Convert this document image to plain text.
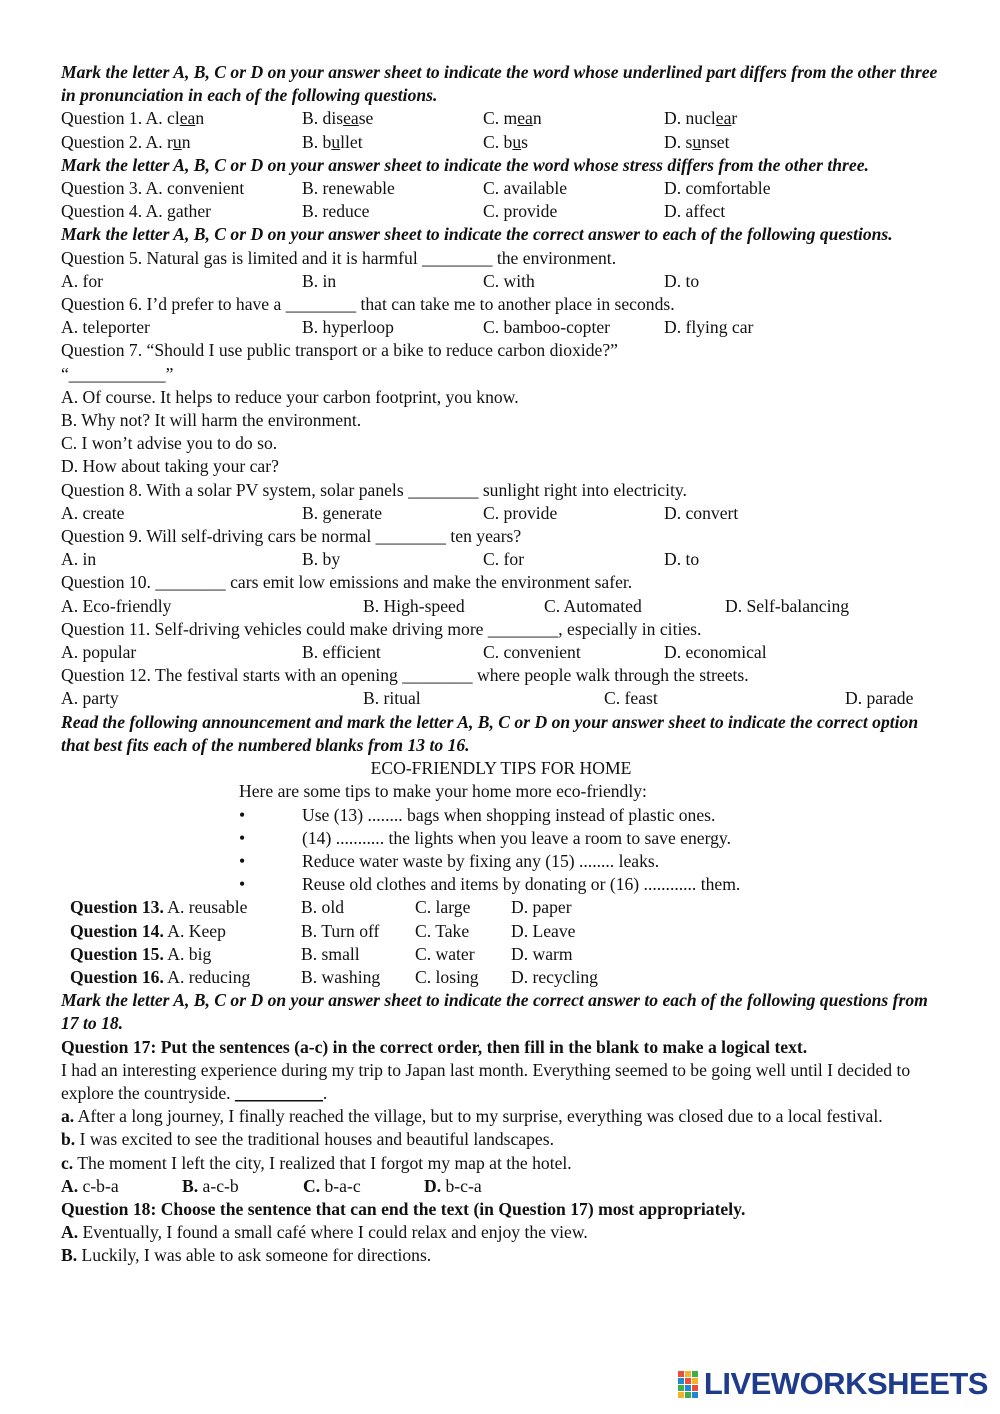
Mark the letter A, B, C or D on your answer sheet to indicate the word whose underlined part differs from the other three in pronunciation in each of the following questions.
Question 1. A. clean	B. disease	C. mean	D. nuclear
Question 2. A. run	B. bullet	C. bus	D. sunset
Mark the letter A, B, C or D on your answer sheet to indicate the word whose stress differs from the other three.
Question 3. A. convenient	B. renewable	C. available	D. comfortable
Question 4. A. gather	B. reduce	C. provide	D. affect
Mark the letter A, B, C or D on your answer sheet to indicate the correct answer to each of the following questions.
Question 5. Natural gas is limited and it is harmful ________ the environment.
A. for	B. in	C. with	D. to
Question 6. I’d prefer to have a ________ that can take me to another place in seconds.
A. teleporter	B. hyperloop	C. bamboo-copter	D. flying car
Question 7. “Should I use public transport or a bike to reduce carbon dioxide?”
“___________”
A. Of course. It helps to reduce your carbon footprint, you know.
B. Why not? It will harm the environment.
C. I won’t advise you to do so.
D. How about taking your car?
Question 8. With a solar PV system, solar panels ________ sunlight right into electricity.
A. create	B. generate	C. provide	D. convert
Question 9. Will self-driving cars be normal ________ ten years?
A. in	B. by	C. for	D. to
Question 10. ________ cars emit low emissions and make the environment safer.
A. Eco-friendly	B. High-speed	C. Automated	D. Self-balancing
Question 11. Self-driving vehicles could make driving more ________, especially in cities.
A. popular	B. efficient	C. convenient	D. economical
Question 12. The festival starts with an opening ________ where people walk through the streets.
A. party	B. ritual	C. feast	D. parade
Read the following announcement and mark the letter A, B, C or D on your answer sheet to indicate the correct option that best fits each of the numbered blanks from 13 to 16.
ECO-FRIENDLY TIPS FOR HOME
Here are some tips to make your home more eco-friendly:
•	Use (13) ........ bags when shopping instead of plastic ones.
•	(14) ........... the lights when you leave a room to save energy.
•	Reduce water waste by fixing any (15) ........ leaks.
•	Reuse old clothes and items by donating or (16) ............ them.
Question 13. A. reusable	B. old	C. large	D. paper
Question 14. A. Keep	B. Turn off	C. Take	D. Leave
Question 15. A. big	B. small	C. water	D. warm
Question 16. A. reducing	B. washing	C. losing	D. recycling
Mark the letter A, B, C or D on your answer sheet to indicate the correct answer to each of the following questions from 17 to 18.
Question 17: Put the sentences (a-c) in the correct order, then fill in the blank to make a logical text.
I had an interesting experience during my trip to Japan last month. Everything seemed to be going well until I decided to explore the countryside. __________.
a. After a long journey, I finally reached the village, but to my surprise, everything was closed due to a local festival.
b. I was excited to see the traditional houses and beautiful landscapes.
c. The moment I left the city, I realized that I forgot my map at the hotel.
A. c-b-a	B. a-c-b	C. b-a-c	D. b-c-a
Question 18: Choose the sentence that can end the text (in Question 17) most appropriately.
A. Eventually, I found a small café where I could relax and enjoy the view.
B. Luckily, I was able to ask someone for directions.
LIVEWORKSHEETS
